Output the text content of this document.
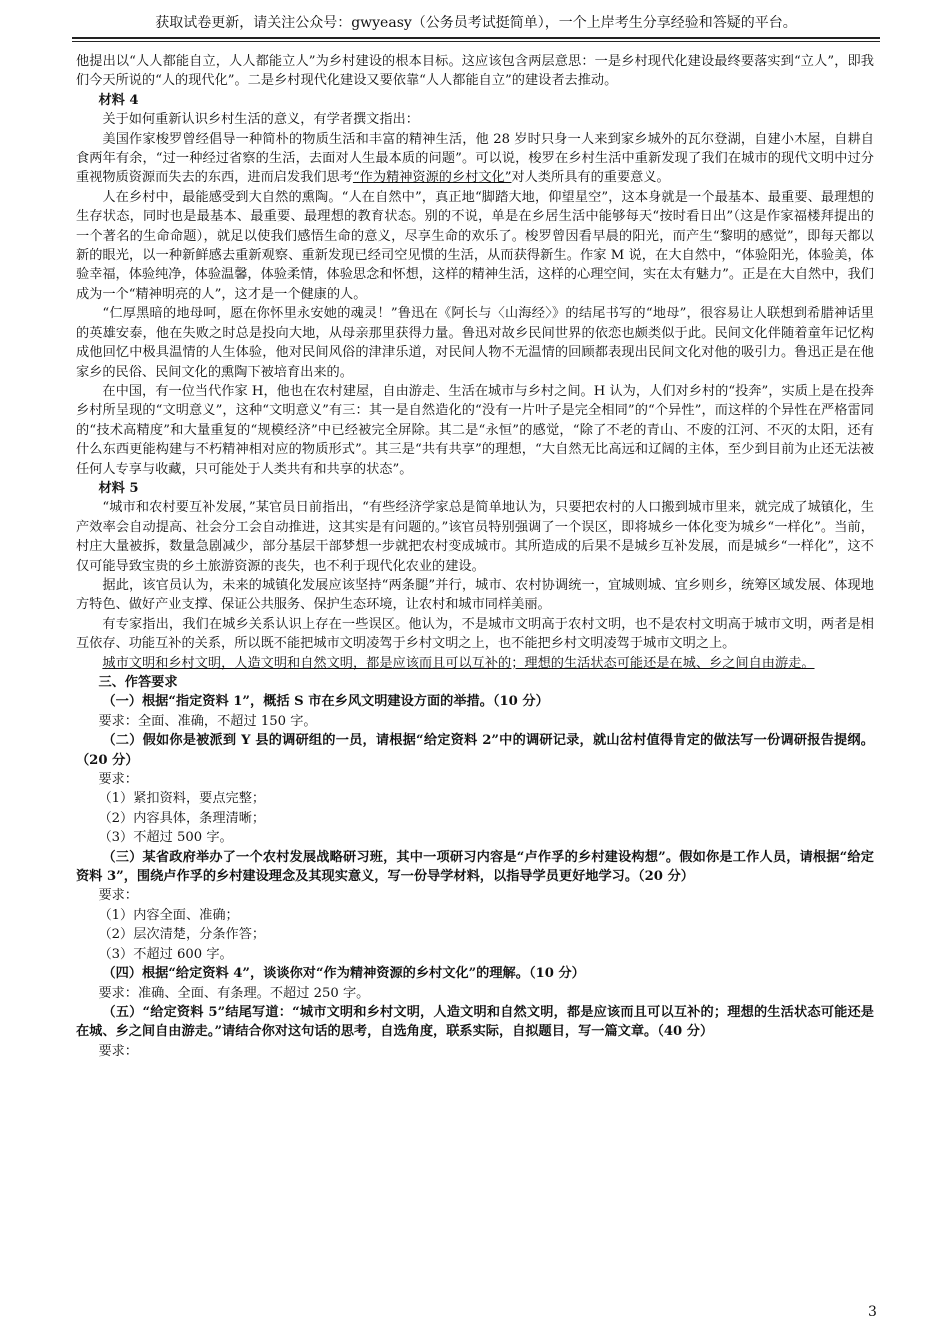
获取试卷更新，请关注公众号：gwyeasy（公务员考试挺简单），一个上岸考生分享经验和答疑的平台。

他提出以“人人都能自立，人人都能立人”为乡村建设的根本目标。这应该包含两层意思：一是乡村现代化建设最终要落实到“立人”，即我们今天所说的“人的现代化”。二是乡村现代化建设又要依靠“人人都能自立”的建设者去推动。

材料 4

关于如何重新认识乡村生活的意义，有学者撰文指出：

美国作家梭罗曾经倡导一种简朴的物质生活和丰富的精神生活，他 28 岁时只身一人来到家乡城外的瓦尔登湖，自建小木屋，自耕自食两年有余，“过一种经过省察的生活，去面对人生最本质的问题”。可以说，梭罗在乡村生活中重新发现了我们在城市的现代文明中过分重视物质资源而失去的东西，进而启发我们思考“作为精神资源的乡村文化”对人类所具有的重要意义。

人在乡村中，最能感受到大自然的熏陶。“人在自然中”，真正地“脚踏大地，仰望星空”，这本身就是一个最基本、最重要、最理想的生存状态，同时也是最基本、最重要、最理想的教育状态。别的不说，单是在乡居生活中能够每天“按时看日出”（这是作家福楼拜提出的一个著名的生命命题），就足以使我们感悟生命的意义，尽享生命的欢乐了。梭罗曾因看早晨的阳光，而产生“黎明的感觉”，即每天都以新的眼光，以一种新鲜感去重新观察、重新发现已经司空见惯的生活，从而获得新生。作家 M 说，在大自然中，“体验阳光，体验美，体验幸福，体验纯净，体验温馨，体验柔情，体验思念和怀想，这样的精神生活，这样的心理空间，实在太有魅力”。正是在大自然中，我们成为一个“精神明亮的人”，这才是一个健康的人。

“仁厚黑暗的地母呵，愿在你怀里永安她的魂灵！”鲁迅在《阿长与〈山海经〉》的结尾书写的“地母”，很容易让人联想到希腊神话里的英雄安泰，他在失败之时总是投向大地，从母亲那里获得力量。鲁迅对故乡民间世界的依恋也颇类似于此。民间文化伴随着童年记忆构成他回忆中极具温情的人生体验，他对民间风俗的津津乐道，对民间人物不无温情的回顾都表现出民间文化对他的吸引力。鲁迅正是在他家乡的民俗、民间文化的熏陶下被培育出来的。

在中国，有一位当代作家 H，他也在农村建屋，自由游走、生活在城市与乡村之间。H 认为，人们对乡村的“投奔”，实质上是在投奔乡村所呈现的“文明意义”，这种“文明意义”有三：其一是自然造化的“没有一片叶子是完全相同”的“个异性”，而这样的个异性在严格雷同的“技术高精度”和大量重复的“规模经济”中已经被完全屏除。其二是“永恒”的感觉，“除了不老的青山、不废的江河、不灭的太阳，还有什么东西更能构建与不朽精神相对应的物质形式”。其三是“共有共享”的理想，“大自然无比高远和辽阔的主体，至少到目前为止还无法被任何人专享与收藏，只可能处于人类共有和共享的状态”。

材料 5

“城市和农村要互补发展，”某官员日前指出，“有些经济学家总是简单地认为，只要把农村的人口搬到城市里来，就完成了城镇化，生产效率会自动提高、社会分工会自动推进，这其实是有问题的。”该官员特别强调了一个误区，即将城乡一体化变为城乡“一样化”。当前，村庄大量被拆，数量急剧减少，部分基层干部梦想一步就把农村变成城市。其所造成的后果不是城乡互补发展，而是城乡“一样化”，这不仅可能导致宝贵的乡土旅游资源的丧失，也不利于现代化农业的建设。

据此，该官员认为，未来的城镇化发展应该坚持“两条腿”并行，城市、农村协调统一，宜城则城、宜乡则乡，统筹区域发展、体现地方特色、做好产业支撑、保证公共服务、保护生态环境，让农村和城市同样美丽。

有专家指出，我们在城乡关系认识上存在一些误区。他认为，不是城市文明高于农村文明，也不是农村文明高于城市文明，两者是相互依存、功能互补的关系，所以既不能把城市文明凌驾于乡村文明之上，也不能把乡村文明凌驾于城市文明之上。

城市文明和乡村文明，人造文明和自然文明，都是应该而且可以互补的；理想的生活状态可能还是在城、乡之间自由游走。

三、作答要求

（一）根据“指定资料 1”，概括 S 市在乡风文明建设方面的举措。（10 分）

要求：全面、准确，不超过 150 字。

（二）假如你是被派到 Y 县的调研组的一员，请根据“给定资料 2”中的调研记录，就山岔村值得肯定的做法写一份调研报告提纲。（20 分）

要求：

（1）紧扣资料，要点完整；

（2）内容具体，条理清晰；

（3）不超过 500 字。

（三）某省政府举办了一个农村发展战略研习班，其中一项研习内容是“卢作孚的乡村建设构想”。假如你是工作人员，请根据“给定资料 3”，围绕卢作孚的乡村建设理念及其现实意义，写一份导学材料，以指导学员更好地学习。（20 分）

要求：

（1）内容全面、准确；

（2）层次清楚，分条作答；

（3）不超过 600 字。

（四）根据“给定资料 4”，谈谈你对“作为精神资源的乡村文化”的理解。（10 分）

要求：准确、全面、有条理。不超过 250 字。

（五）“给定资料 5”结尾写道：“城市文明和乡村文明，人造文明和自然文明，都是应该而且可以互补的；理想的生活状态可能还是在城、乡之间自由游走。”请结合你对这句话的思考，自选角度，联系实际，自拟题目，写一篇文章。（40 分）

要求：

3
